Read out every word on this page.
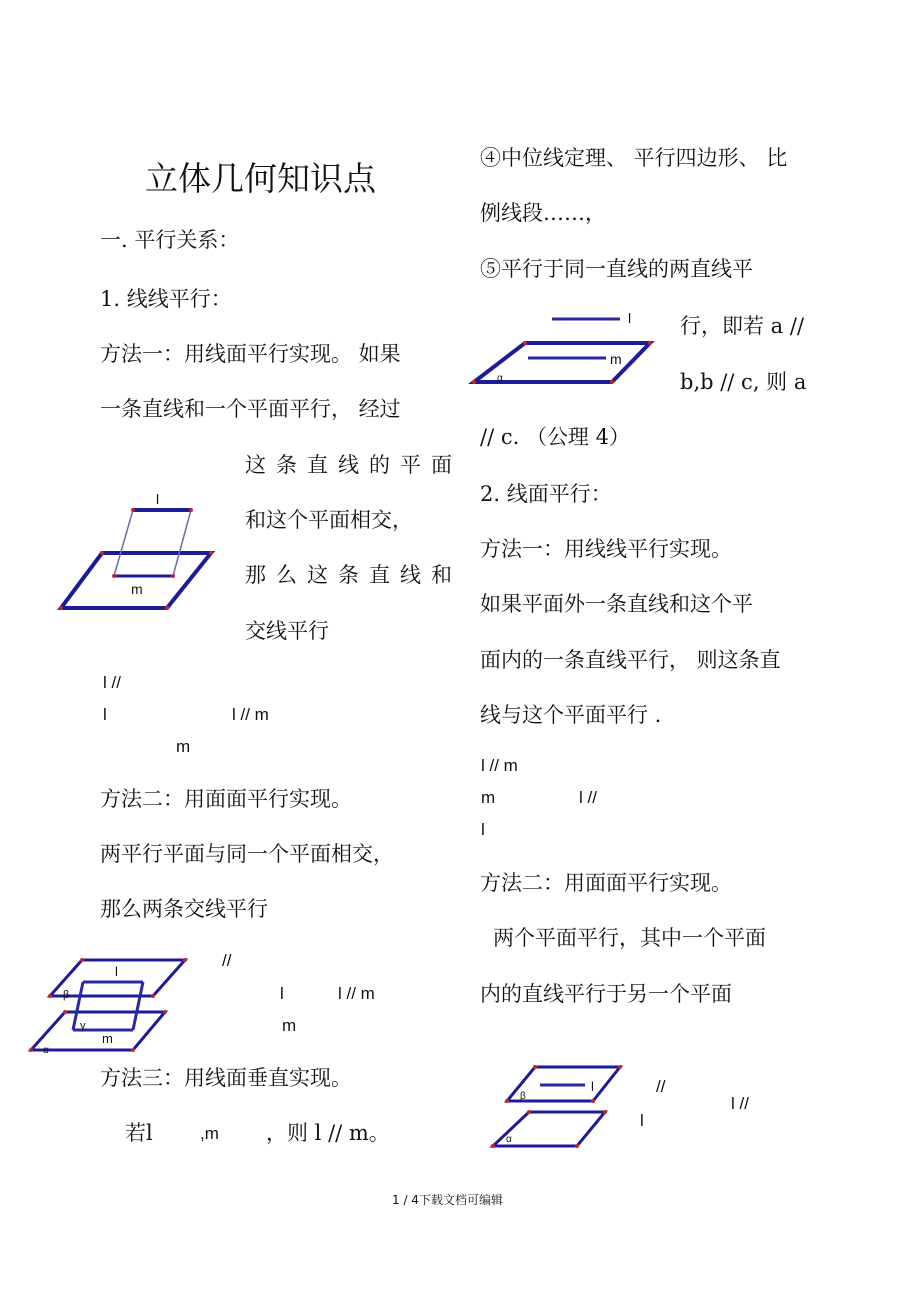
立体几何知识点
一. 平行关系：
1. 线线平行：
方法一：用线面平行实现。 如果
一条直线和一个平面平行， 经过
这条直线的平面
和这个平面相交，
那么这条直线和
交线平行
l
m
l //
l	l // m
m
方法二：用面面平行实现。
两平行平面与同一个平面相交，
那么两条交线平行
l
β
γ
m
α
//
l	l // m
m
方法三：用线面垂直实现。
若l	,m ，则 l // m。
④中位线定理、 平行四边形、 比
例线段……，
⑤平行于同一直线的两直线平
l
m
α
行，即若 a //
b,b // c, 则 a
// c. （公理 4）
2. 线面平行：
方法一：用线线平行实现。
如果平面外一条直线和这个平
面内的一条直线平行， 则这条直
线与这个平面平行 .
l // m
m	l //
l
方法二：用面面平行实现。
两个平面平行，其中一个平面
内的直线平行于另一个平面
l
β
α
//
l //
l
1 / 4下载文档可编辑
